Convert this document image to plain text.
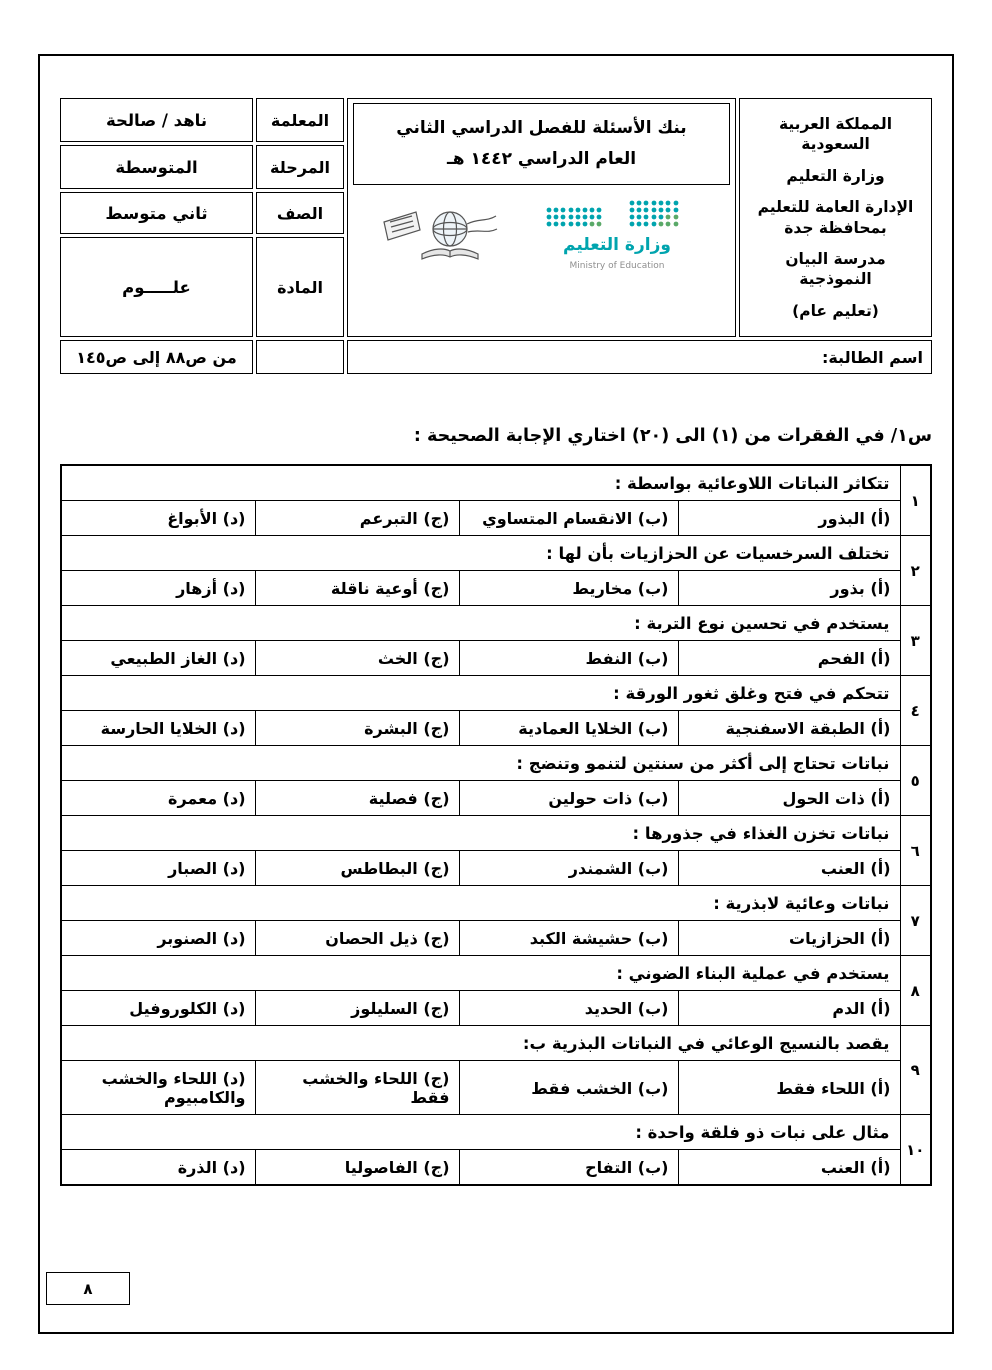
المملكة العربية السعودية
وزارة التعليم
الإدارة العامة للتعليم بمحافظة جدة
مدرسة البيان النموذجية
(تعليم عام)
بنك الأسئلة للفصل الدراسي الثاني
العام الدراسي ١٤٤٢ هـ
وزارة التعليم
Ministry of Education
المعلمة
ناهد / صالحة
المرحلة
المتوسطة
الصف
ثاني متوسط
المادة
علـــــوم
اسم الطالبة:
من ص٨٨ إلى ص١٤٥
س١/ في الفقرات من (١) الى (٢٠) اختاري الإجابة الصحيحة :
١	تتكاثر النباتات اللاوعائية بواسطة :			
	(أ) البذور	(ب) الانقسام المتساوي	(ج) التبرعم	(د) الأبواغ
٢	تختلف السرخسيات عن الحزازيات بأن لها :			
	(أ) بذور	(ب) مخاريط	(ج) أوعية ناقلة	(د) أزهار
٣	يستخدم في تحسين نوع التربة :			
	(أ) الفحم	(ب) النفط	(ج) الخث	(د) الغاز الطبيعي
٤	تتحكم في فتح وغلق ثغور الورقة :			
	(أ) الطبقة الاسفنجية	(ب) الخلايا العمادية	(ج) البشرة	(د) الخلايا الحارسة
٥	نباتات تحتاج إلى أكثر من سنتين لتنمو وتنضج :			
	(أ) ذات الحول	(ب) ذات حولين	(ج) فصلية	(د) معمرة
٦	نباتات تخزن الغذاء في جذورها :			
	(أ) العنب	(ب) الشمندر	(ج) البطاطس	(د) الصبار
٧	نباتات وعائية لابذرية :			
	(أ) الحزازيات	(ب) حشيشة الكبد	(ج) ذيل الحصان	(د) الصنوبر
٨	يستخدم في عملية البناء الضوني :			
	(أ) الدم	(ب) الحديد	(ج) السليلوز	(د) الكلوروفيل
٩	يقصد بالنسيج الوعائي في النباتات البذرية ب:			
	(أ) اللحاء فقط	(ب) الخشب فقط	(ج) اللحاء والخشب فقط	(د) اللحاء والخشب والكامبيوم
١٠	مثال على نبات ذو فلقة واحدة :			
	(أ) العنب	(ب) التفاح	(ج) الفاصوليا	(د) الذرة
٨
